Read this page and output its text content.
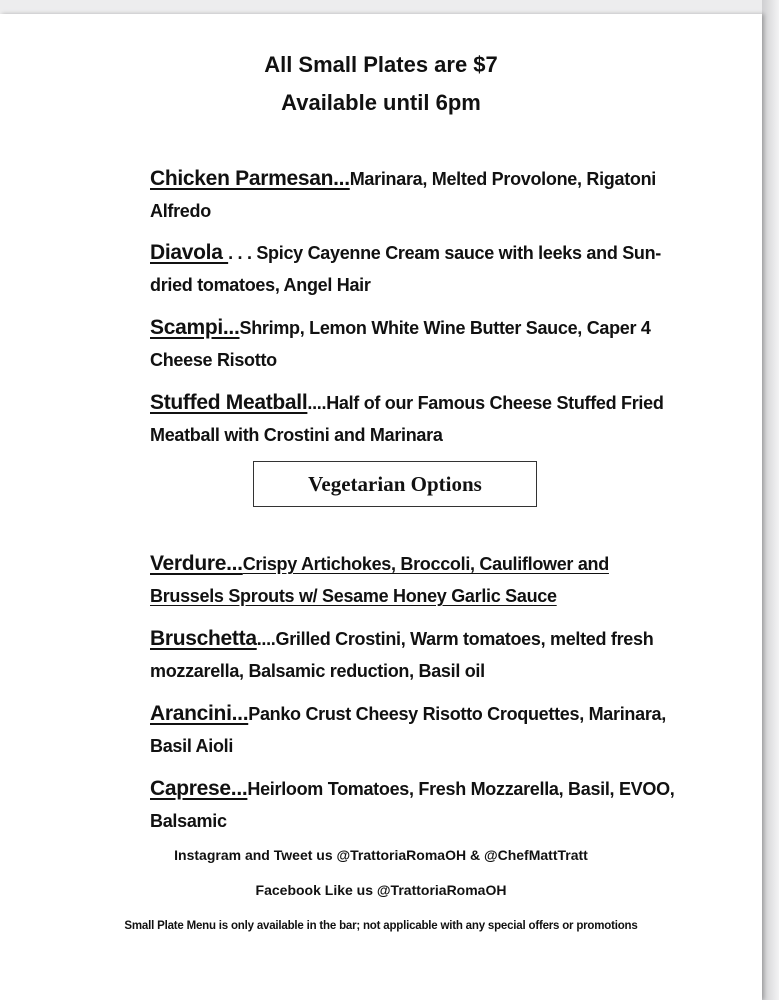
All Small Plates are $7
Available until 6pm
Chicken Parmesan...Marinara, Melted Provolone, Rigatoni Alfredo
Diavola . . . Spicy Cayenne Cream sauce with leeks and Sun-dried tomatoes, Angel Hair
Scampi...Shrimp, Lemon White Wine Butter Sauce, Caper 4 Cheese Risotto
Stuffed Meatball....Half of our Famous Cheese Stuffed Fried Meatball with Crostini and Marinara
Vegetarian Options
Verdure...Crispy Artichokes, Broccoli, Cauliflower and Brussels Sprouts w/ Sesame Honey Garlic Sauce
Bruschetta....Grilled Crostini, Warm tomatoes, melted fresh mozzarella, Balsamic reduction, Basil oil
Arancini...Panko Crust Cheesy Risotto Croquettes, Marinara, Basil Aioli
Caprese...Heirloom Tomatoes, Fresh Mozzarella, Basil, EVOO, Balsamic
Instagram and Tweet us @TrattoriaRomaOH & @ChefMattTratt
Facebook Like us @TrattoriaRomaOH
Small Plate Menu is only available in the bar; not applicable with any special offers or promotions
